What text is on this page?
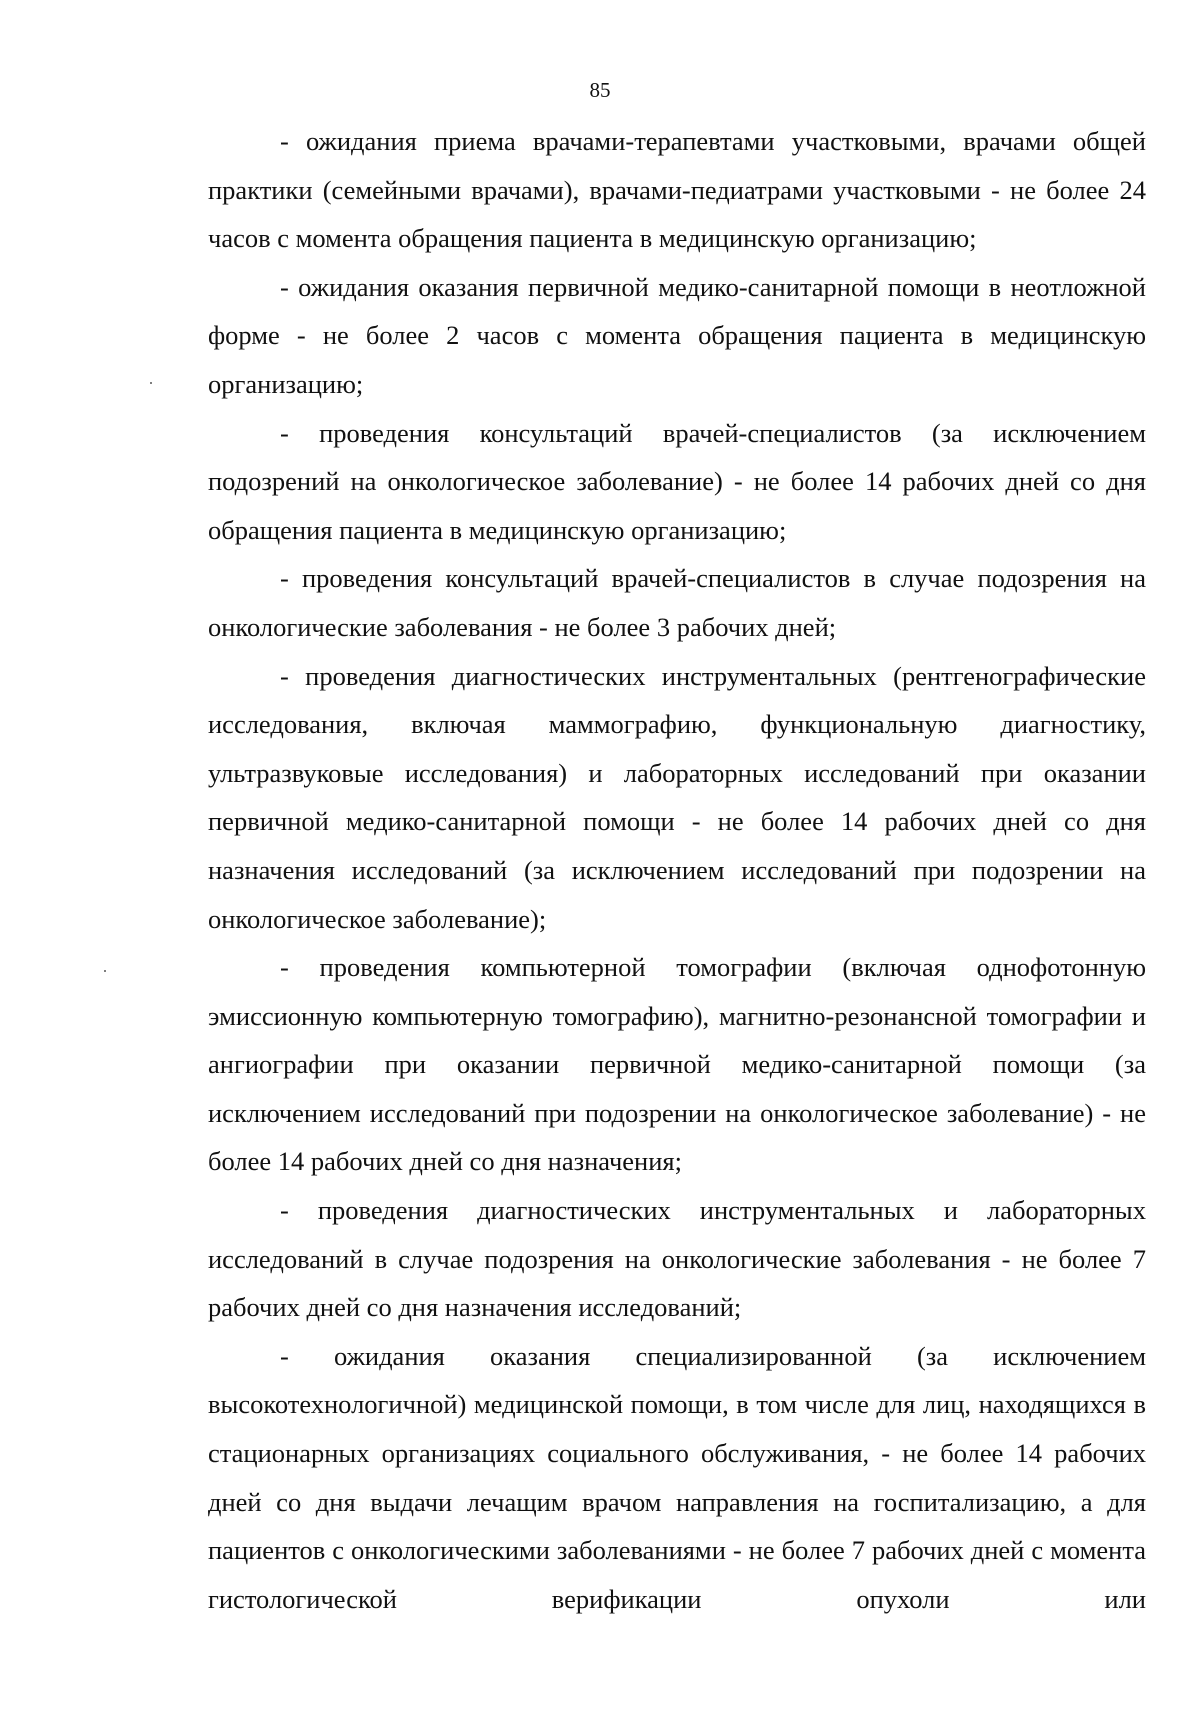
85

- ожидания приема врачами-терапевтами участковыми, врачами общей практики (семейными врачами), врачами-педиатрами участковыми - не более 24 часов с момента обращения пациента в медицинскую организацию;

- ожидания оказания первичной медико-санитарной помощи в неотложной форме - не более 2 часов с момента обращения пациента в медицинскую организацию;

- проведения консультаций врачей-специалистов (за исключением подозрений на онкологическое заболевание) - не более 14 рабочих дней со дня обращения пациента в медицинскую организацию;

- проведения консультаций врачей-специалистов в случае подозрения на онкологические заболевания - не более 3 рабочих дней;

- проведения диагностических инструментальных (рентгенографические исследования, включая маммографию, функциональную диагностику, ультразвуковые исследования) и лабораторных исследований при оказании первичной медико-санитарной помощи - не более 14 рабочих дней со дня назначения исследований (за исключением исследований при подозрении на онкологическое заболевание);

- проведения компьютерной томографии (включая однофотонную эмиссионную компьютерную томографию), магнитно-резонансной томографии и ангиографии при оказании первичной медико-санитарной помощи (за исключением исследований при подозрении на онкологическое заболевание) - не более 14 рабочих дней со дня назначения;

- проведения диагностических инструментальных и лабораторных исследований в случае подозрения на онкологические заболевания - не более 7 рабочих дней со дня назначения исследований;

- ожидания оказания специализированной (за исключением высокотехнологичной) медицинской помощи, в том числе для лиц, находящихся в стационарных организациях социального обслуживания, - не более 14 рабочих дней со дня выдачи лечащим врачом направления на госпитализацию, а для пациентов с онкологическими заболеваниями - не более 7 рабочих дней с момента гистологической верификации опухоли или
